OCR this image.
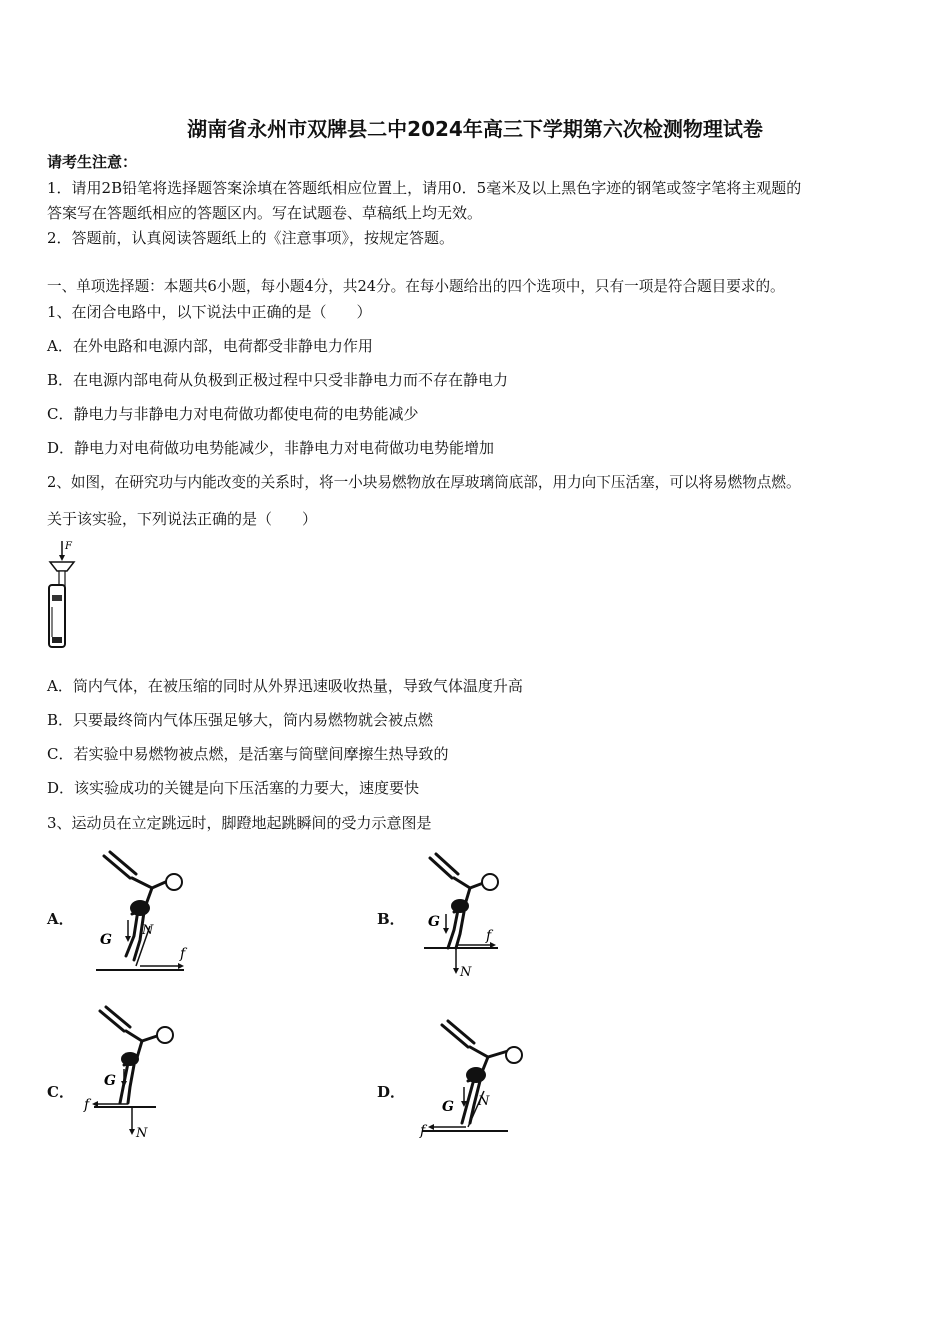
湖南省永州市双牌县二中2024年高三下学期第六次检测物理试卷
请考生注意：
1．请用2B铅笔将选择题答案涂填在答题纸相应位置上，请用0．5毫米及以上黑色字迹的钢笔或签字笔将主观题的
答案写在答题纸相应的答题区内。写在试题卷、草稿纸上均无效。
2．答题前，认真阅读答题纸上的《注意事项》，按规定答题。
一、单项选择题：本题共6小题，每小题4分，共24分。在每小题给出的四个选项中，只有一项是符合题目要求的。
1、在闭合电路中，以下说法中正确的是（　　）
A．在外电路和电源内部，电荷都受非静电力作用
B．在电源内部电荷从负极到正极过程中只受非静电力而不存在静电力
C．静电力与非静电力对电荷做功都使电荷的电势能减少
D．静电力对电荷做功电势能减少，非静电力对电荷做功电势能增加
2、如图，在研究功与内能改变的关系时，将一小块易燃物放在厚玻璃筒底部，用力向下压活塞，可以将易燃物点燃。
关于该实验，下列说法正确的是（　　）
F
A．筒内气体，在被压缩的同时从外界迅速吸收热量，导致气体温度升高
B．只要最终筒内气体压强足够大，筒内易燃物就会被点燃
C．若实验中易燃物被点燃，是活塞与筒壁间摩擦生热导致的
D．该实验成功的关键是向下压活塞的力要大，速度要快
3、运动员在立定跳远时，脚蹬地起跳瞬间的受力示意图是
A．
G
N
f
B． G
N
f
C．
G
N
f
D．
G N
f
